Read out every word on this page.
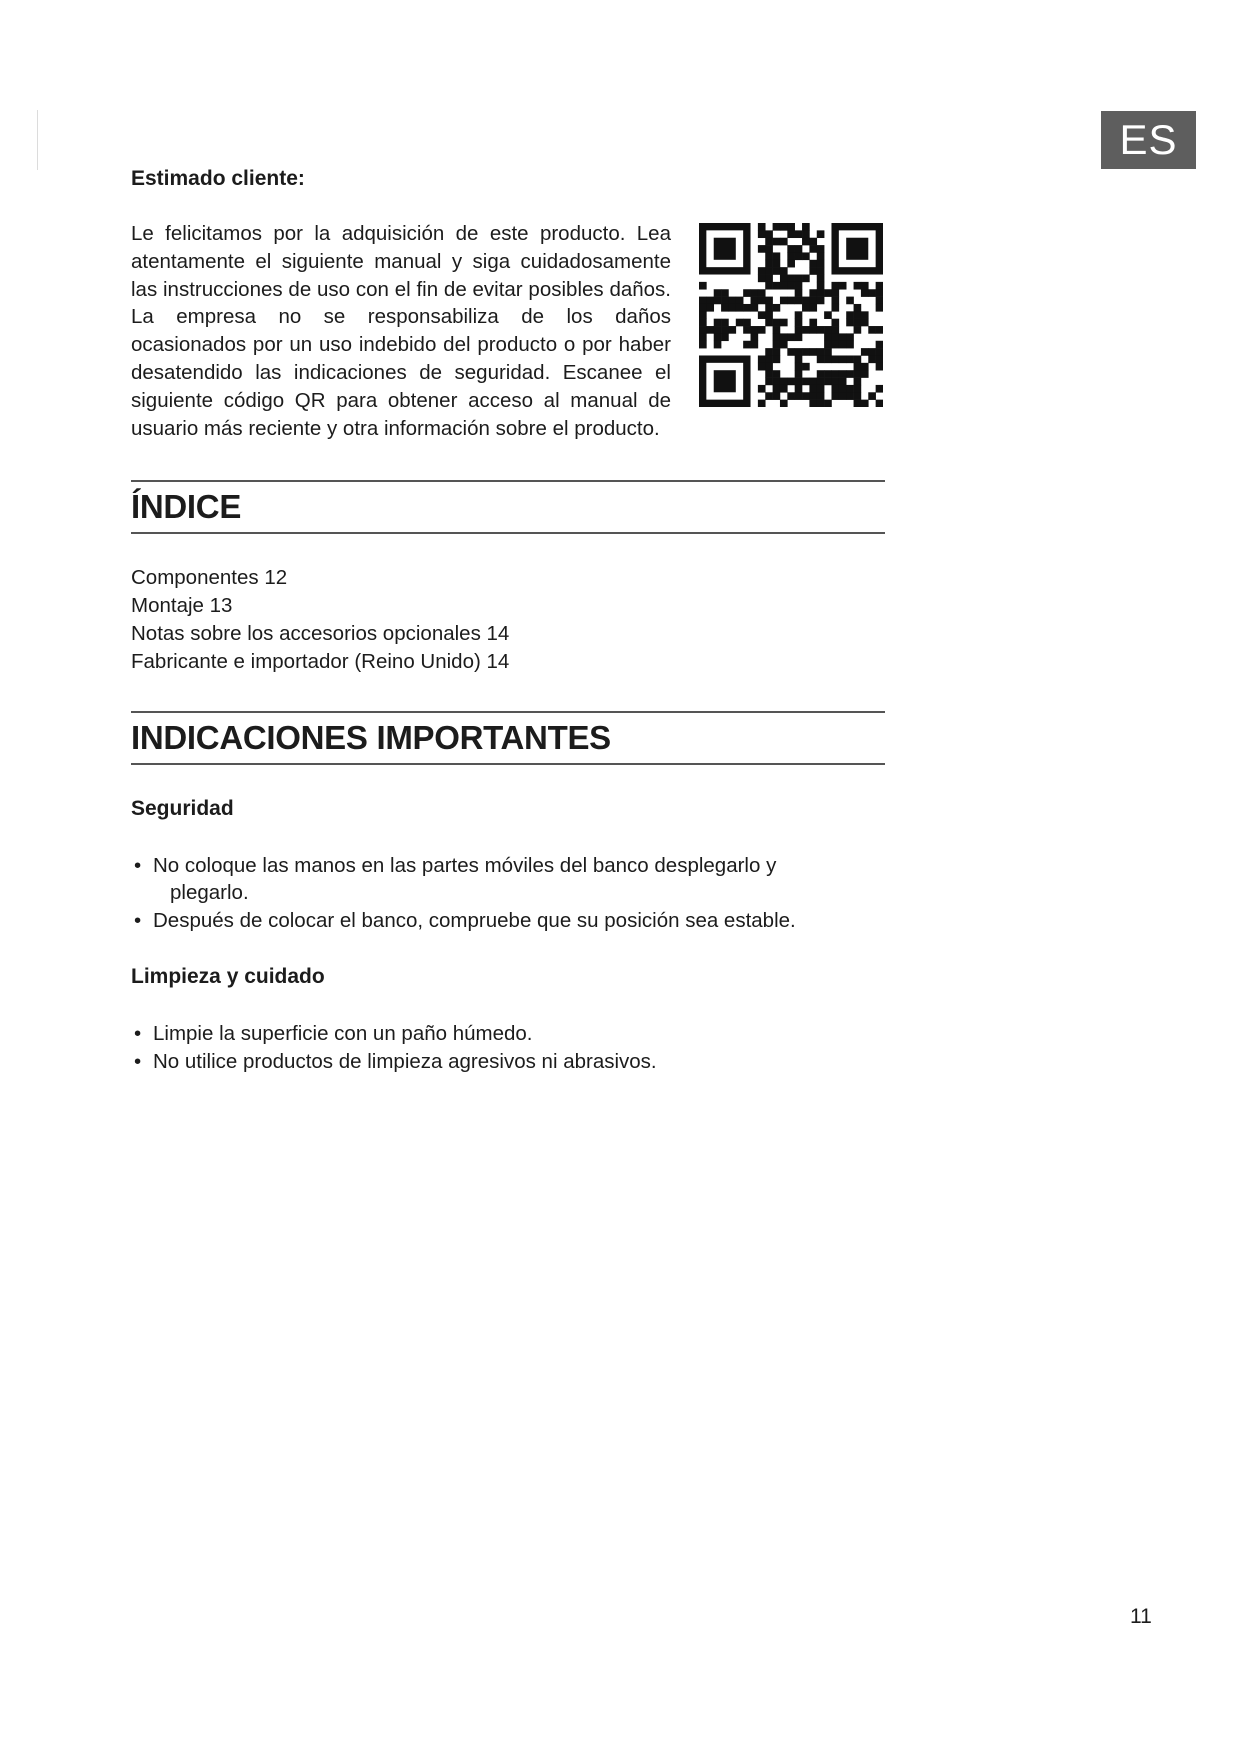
ES

Estimado cliente:

Le felicitamos por la adquisición de este producto. Lea atentamente el siguiente manual y siga cuidadosamente las instrucciones de uso con el fin de evitar posibles daños. La empresa no se responsabiliza de los daños ocasionados por un uso indebido del producto o por haber desatendido las indicaciones de seguridad. Escanee el siguiente código QR para obtener acceso al manual de usuario más reciente y otra información sobre el producto.

ÍNDICE
Componentes 12
Montaje 13
Notas sobre los accesorios opcionales 14
Fabricante e importador (Reino Unido) 14
INDICACIONES IMPORTANTES

Seguridad

• No coloque las manos en las partes móviles del banco desplegarlo y
plegarlo.
• Después de colocar el banco, compruebe que su posición sea estable.

Limpieza y cuidado

• Limpie la superficie con un paño húmedo.
• No utilice productos de limpieza agresivos ni abrasivos.
11
